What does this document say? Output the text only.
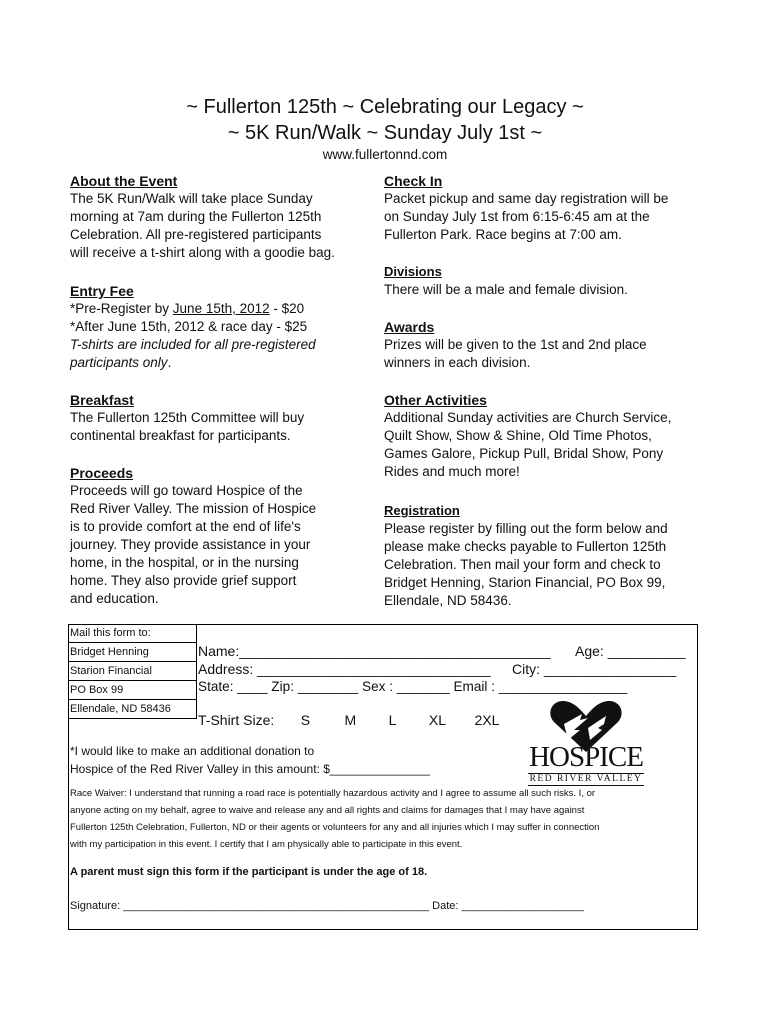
~ Fullerton 125th ~ Celebrating our Legacy ~
~ 5K Run/Walk ~ Sunday July 1st ~
www.fullertonnd.com
About the Event
The 5K Run/Walk will take place Sunday
morning at 7am during the Fullerton 125th
Celebration. All pre-registered participants
will receive a t-shirt along with a goodie bag.
Entry Fee
*Pre-Register by June 15th, 2012 - $20
*After June 15th, 2012 & race day - $25
T-shirts are included for all pre-registered
participants only.
Breakfast
The Fullerton 125th Committee will buy
continental breakfast for participants.
Proceeds
Proceeds will go toward Hospice of the
Red River Valley. The mission of Hospice
is to provide comfort at the end of life's
journey. They provide assistance in your
home, in the hospital, or in the nursing
home. They also provide grief support
and education.
Check In
Packet pickup and same day registration will be
on Sunday July 1st from 6:15-6:45 am at the
Fullerton Park. Race begins at 7:00 am.
Divisions
There will be a male and female division.
Awards
Prizes will be given to the 1st and 2nd place
winners in each division.
Other Activities
Additional Sunday activities are Church Service,
Quilt Show, Show & Shine, Old Time Photos,
Games Galore, Pickup Pull, Bridal Show, Pony
Rides and much more!
Registration
Please register by filling out the form below and
please make checks payable to Fullerton 125th
Celebration. Then mail your form and check to
Bridget Henning, Starion Financial, PO Box 99,
Ellendale, ND 58436.
Mail this form to:
Bridget Henning
Starion Financial
PO Box 99
Ellendale, ND 58436
Name:________________________________________ Age: __________
Address: ______________________________ City: _________________
State: ____ Zip: ________ Sex : _______ Email : _________________
T-Shirt Size: S M L XL 2XL
*I would like to make an additional donation to
Hospice of the Red River Valley in this amount: $_______________	HOSPICE
RED RIVER VALLEY
Race Waiver: I understand that running a road race is potentially hazardous activity and I agree to assume all such risks. I, or
anyone acting on my behalf, agree to waive and release any and all rights and claims for damages that I may have against
Fullerton 125th Celebration, Fullerton, ND or their agents or volunteers for any and all injuries which I may suffer in connection
with my participation in this event. I certify that I am physically able to participate in this event.
A parent must sign this form if the participant is under the age of 18.
Signature: __________________________________________________ Date: ____________________
